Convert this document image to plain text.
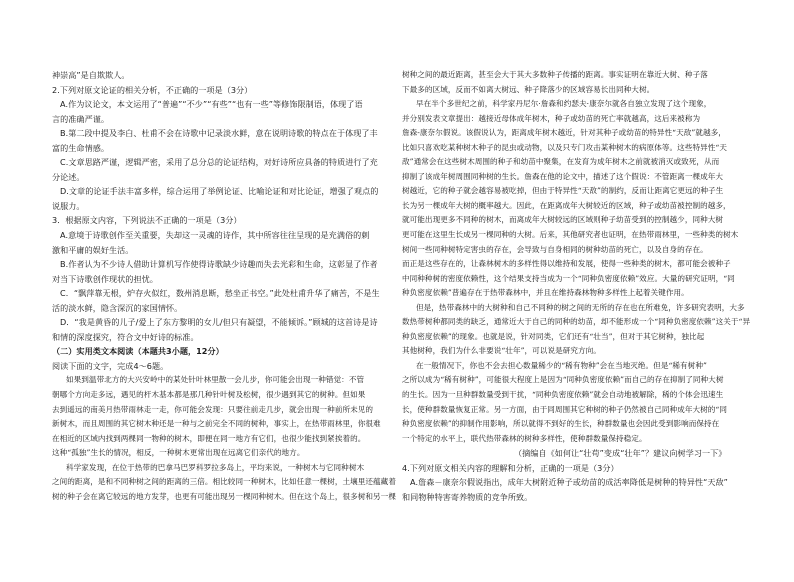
神崇高”是自欺欺人。
2.下列对原文论证的相关分析，不正确的一项是（3分）
A.作为议论文，本文运用了“普遍”“不少”“有些”“也有一些”等修饰限制语，体现了语
言的准确严谨。
B.第二段中提及李白、杜甫不会在诗歌中记录淡水鲜，意在说明诗歌的特点在于体现了丰
富的生命情感。
C.文章思路严谨，逻辑严密，采用了总分总的论证结构，对好诗所应具备的特质进行了充
分论述。
D.文章的论证手法丰富多样，综合运用了举例论证、比喻论证和对比论证，增强了观点的
说服力。
3．根据原文内容，下列说法不正确的一项是（3分）
A.意境于诗歌创作至关重要，失却这一灵魂的诗作，其中所容往往呈现的是充满俗的刺
激和平庸的娱好生活。
B.作者认为不少诗人借助计算机写作使得诗歌缺少诗趣而失去光彩和生命，这彰显了作者
对当下诗歌创作现状的担忧。
C．“飘萍靠无根，炉存火似红，数州消息断，愁坐正书空。”此处杜甫升华了痛苦，不是生
活的淡水鲜，隐含深沉的家国情怀。
D．“我是黄昏的儿子/爱上了东方黎明的女儿/但只有凝望，不能倾诉。”顾城的这首诗是诗
和情的深度探究，符合文中好诗的标准。
（二）实用类文本阅读（本题共3小题，12分）
阅读下面的文字，完成4～6题。
如果到温带北方的大兴安岭中的某处针叶林里散一会儿步，你可能会出现一种错觉：不管
朝哪个方向走多远，遇见的杆木基本都是那几种针叶树及松树，很少遇到其它的树种。但如果
去到遥远的南美月热带雨林走一走，你可能会发现：只要往前走几步，就会出现一种前所未见的
新树木，而且周围的其它树木种还是一种与之前完全不同的树种，事实上，在热带雨林里，你很难
在相近的区域内找到两棵同一物种的树木，即便在同一地方有它们，也很少能找到紧挨着的。
这种“孤独”生长的情况，相反，一种树木更常出现在远离它们亲代的地方。
科学家发现，在位于热带的巴拿马巴罗科罗拉多岛上，平均来说，一种树木与它同种树木
之间的距离，是和不同种树之间的距离的三倍。相比较同一种树木，比如任意一棵树，土壤里还蕴藏着
树的种子会在离它较远的地方发芽，也更有可能出现另一棵同种树木。但在这个岛上，很多树和另一棵
树种之间的最近距离，甚至会大于其大多数种子传播的距离。事实证明在靠近大树、种子落
下最多的区域，反而不如离大树远、种子降落少的区域容易长出同种大树。
早在半个多世纪之前，科学家丹尼尔·詹森和约瑟夫·康奈尔就各自独立发现了这个现象，
并分别发表文章提出：越接近母体成年树木，种子或幼苗的死亡率就越高，这后来被称为
詹森-康奈尔假说。该假说认为，距离成年树木越近，针对其种子或幼苗的特异性“天敌”就越多，
比如只喜欢吃某种树木种子的昆虫或动物，以及只专门攻击某种树木的病原体等。这些特异性“天
敌”通常会在这些树木周围的种子和幼苗中聚集，在发育为成年树木之前就被消灭或致死，从而
抑制了该成年树周围同种树的生长。詹森在他的论文中，描述了这个假说：不管距离一棵成年大
树越近，它的种子就会越容易被吃掉，但由于特异性“天敌”的制约，反而让距离它更远的种子生
长为另一棵成年大树的概率越大。因此，在距离成年大树较近的区域，种子或幼苗被控制的越多，
就可能出现更多不同种的树木，而离成年大树较远的区域则种子幼苗受到的控制越少，同种大树
更可能在这里生长成另一棵同种的大树。后来，其他研究者也证明，在热带雨林里，一些种类的树木
树间一些同种树特定害虫的存在，会导致与自身相同的树种幼苗的死亡，以及自身的存在。
而正是这些存在的，让森林树木的多样性得以维持和发展，使得一些种类的树木，都可能会被种子
中同种种树的密度依赖性，这个结果支持当成为一个“同种负密度依赖”效应。大量的研究证明，“同
种负密度依赖”普遍存在于热带森林中，并且在维持森林物种多样性上起着关键作用。
但是，热带森林中的大树种和自己不同种的树之间的无所的存在也在所难免，许多研究表明，大多
数热带树种都同类的缺乏，通常近大于自己的同种的幼苗，却不能形成一个“同种负密度依赖”这关于“异
种负密度依赖”的现象。也就是说，针对同类，它们还有“壮当”，但对于其它树种，独比起
其他树种，我们为什么非要说“壮年”，可以说是研究方向。
在一般情况下，你也不会去担心数量稀少的“稀有物种”会在当地灭绝。但是“稀有树种”
之所以成为“稀有树种”，可能很大程度上是因为“同种负密度依赖”而自己的存在抑制了同种大树
的生长。因为一旦种群数量受到干扰，“同种负密度依赖”就会自动地被解除，稀的个体会迅速生
长，使种群数量恢复正常。另一方面，由于同周围其它种树的种子仍然被自己同种成年大树的“同
种负密度依赖”的抑制作用影响，所以就得不到好的生长，种群数量也会因此受到影响而保持在
一个特定的水平上，联代热带森林的树种多样性，使种群数量保持稳定。
（摘编自《如何让“壮苟”变成“壮年”？建议向树学习一下》
4.下列对原文相关内容的理解和分析，正确的一项是（3分）
A.詹森－康奈尔假说指出，成年大树附近种子或幼苗的成活率降低是树种的特异性“天敌”
和同物种特害寄养物质的竞争所致。
